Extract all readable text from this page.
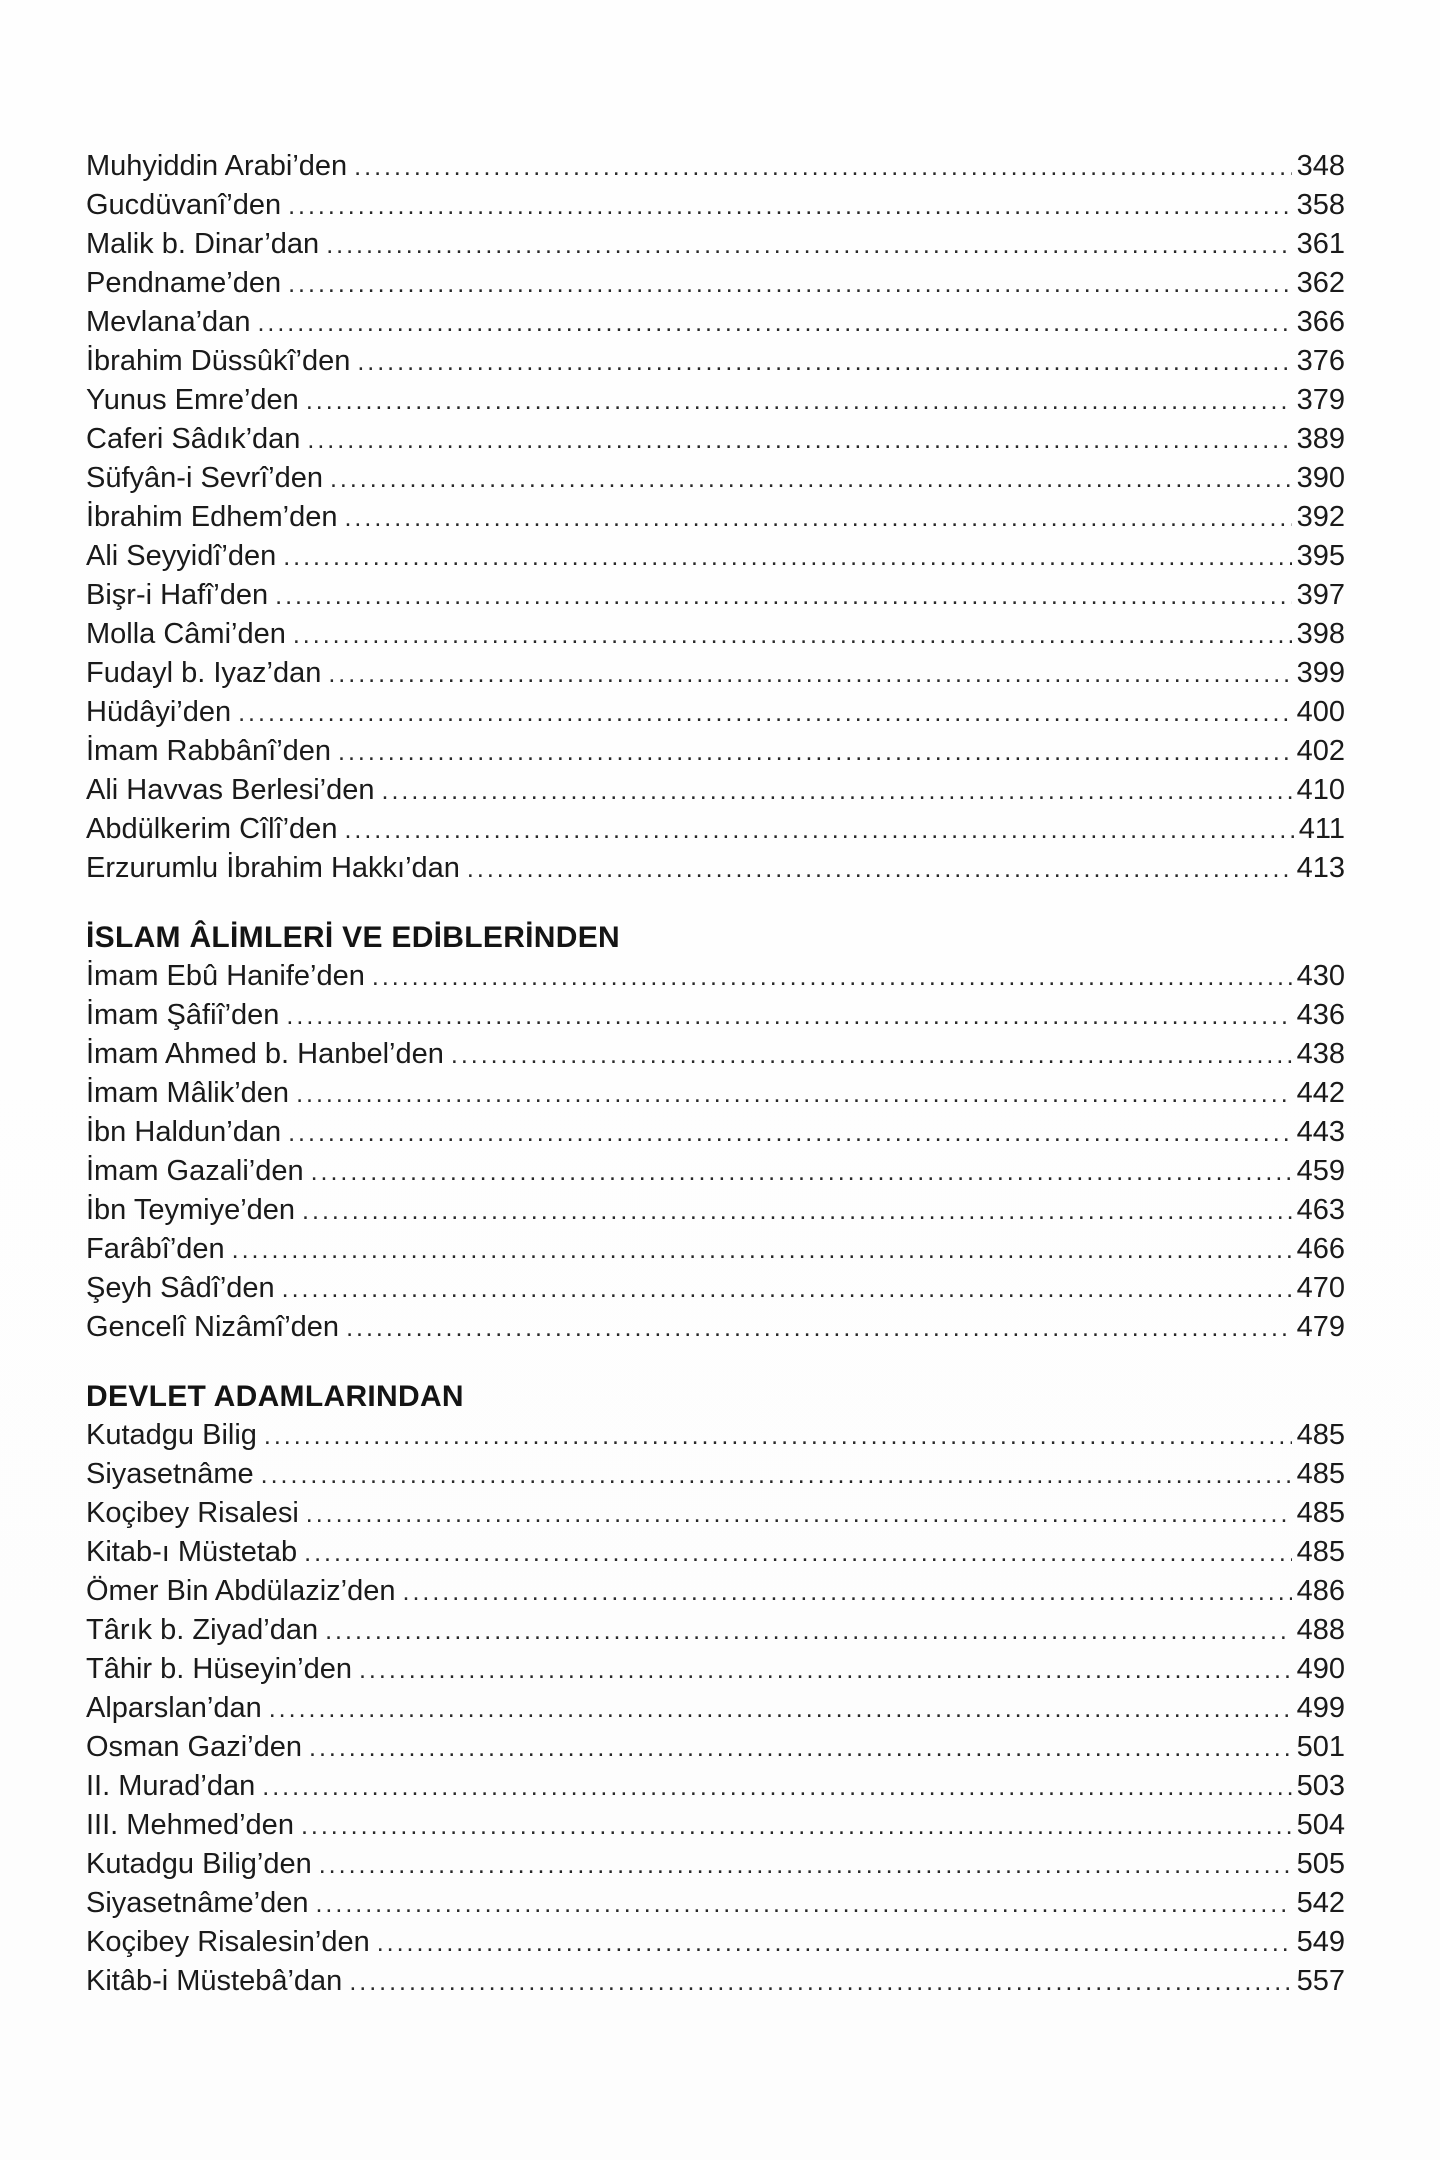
Muhyiddin Arabi’den .....	348
Gucdüvanî’den .....	358
Malik b. Dinar’dan .....	361
Pendname’den .....	362
Mevlana’dan .....	366
İbrahim Düssûkî’den .....	376
Yunus Emre’den .....	379
Caferi Sâdık’dan .....	389
Süfyân-i Sevrî’den .....	390
İbrahim Edhem’den .....	392
Ali Seyyidî’den .....	395
Bişr-i Hafî’den .....	397
Molla Câmi’den .....	398
Fudayl b. Iyaz’dan .....	399
Hüdâyi’den .....	400
İmam Rabbânî’den .....	402
Ali Havvas Berlesi’den .....	410
Abdülkerim Cîlî’den .....	411
Erzurumlu İbrahim Hakkı’dan .....	413
İSLAM ÂLİMLERİ VE EDİBLERİNDEN
İmam Ebû Hanife’den .....	430
İmam Şâfiî’den .....	436
İmam Ahmed b. Hanbel’den .....	438
İmam Mâlik’den .....	442
İbn Haldun’dan .....	443
İmam Gazali’den .....	459
İbn Teymiye’den .....	463
Farâbî’den .....	466
Şeyh Sâdî’den .....	470
Gencelî Nizâmî’den .....	479
DEVLET ADAMLARINDAN
Kutadgu Bilig .....	485
Siyasetnâme .....	485
Koçibey Risalesi .....	485
Kitab-ı Müstetab .....	485
Ömer Bin Abdülaziz’den .....	486
Târık b. Ziyad’dan .....	488
Tâhir b. Hüseyin’den .....	490
Alparslan’dan .....	499
Osman Gazi’den .....	501
II. Murad’dan .....	503
III. Mehmed’den .....	504
Kutadgu Bilig’den .....	505
Siyasetnâme’den .....	542
Koçibey Risalesin’den .....	549
Kitâb-i Müstebâ’dan .....	557
